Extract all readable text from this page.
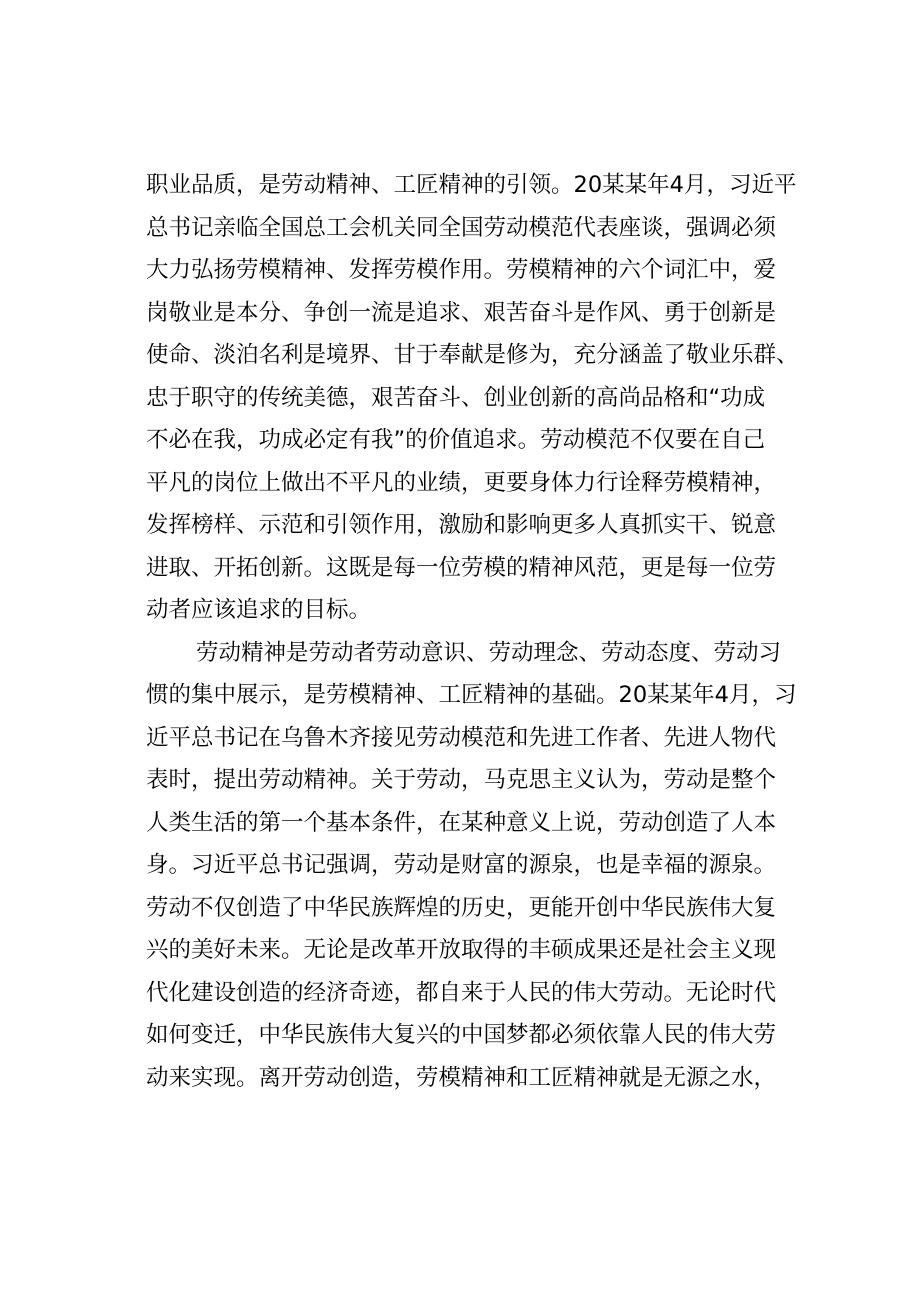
职业品质，是劳动精神、工匠精神的引领。20某某年4月，习近平
总书记亲临全国总工会机关同全国劳动模范代表座谈，强调必须
大力弘扬劳模精神、发挥劳模作用。劳模精神的六个词汇中，爱
岗敬业是本分、争创一流是追求、艰苦奋斗是作风、勇于创新是
使命、淡泊名利是境界、甘于奉献是修为，充分涵盖了敬业乐群、
忠于职守的传统美德，艰苦奋斗、创业创新的高尚品格和“功成
不必在我，功成必定有我”的价值追求。劳动模范不仅要在自己
平凡的岗位上做出不平凡的业绩，更要身体力行诠释劳模精神，
发挥榜样、示范和引领作用，激励和影响更多人真抓实干、锐意
进取、开拓创新。这既是每一位劳模的精神风范，更是每一位劳
动者应该追求的目标。
劳动精神是劳动者劳动意识、劳动理念、劳动态度、劳动习
惯的集中展示，是劳模精神、工匠精神的基础。20某某年4月，习
近平总书记在乌鲁木齐接见劳动模范和先进工作者、先进人物代
表时，提出劳动精神。关于劳动，马克思主义认为，劳动是整个
人类生活的第一个基本条件，在某种意义上说，劳动创造了人本
身。习近平总书记强调，劳动是财富的源泉，也是幸福的源泉。
劳动不仅创造了中华民族辉煌的历史，更能开创中华民族伟大复
兴的美好未来。无论是改革开放取得的丰硕成果还是社会主义现
代化建设创造的经济奇迹，都自来于人民的伟大劳动。无论时代
如何变迁，中华民族伟大复兴的中国梦都必须依靠人民的伟大劳
动来实现。离开劳动创造，劳模精神和工匠精神就是无源之水，
